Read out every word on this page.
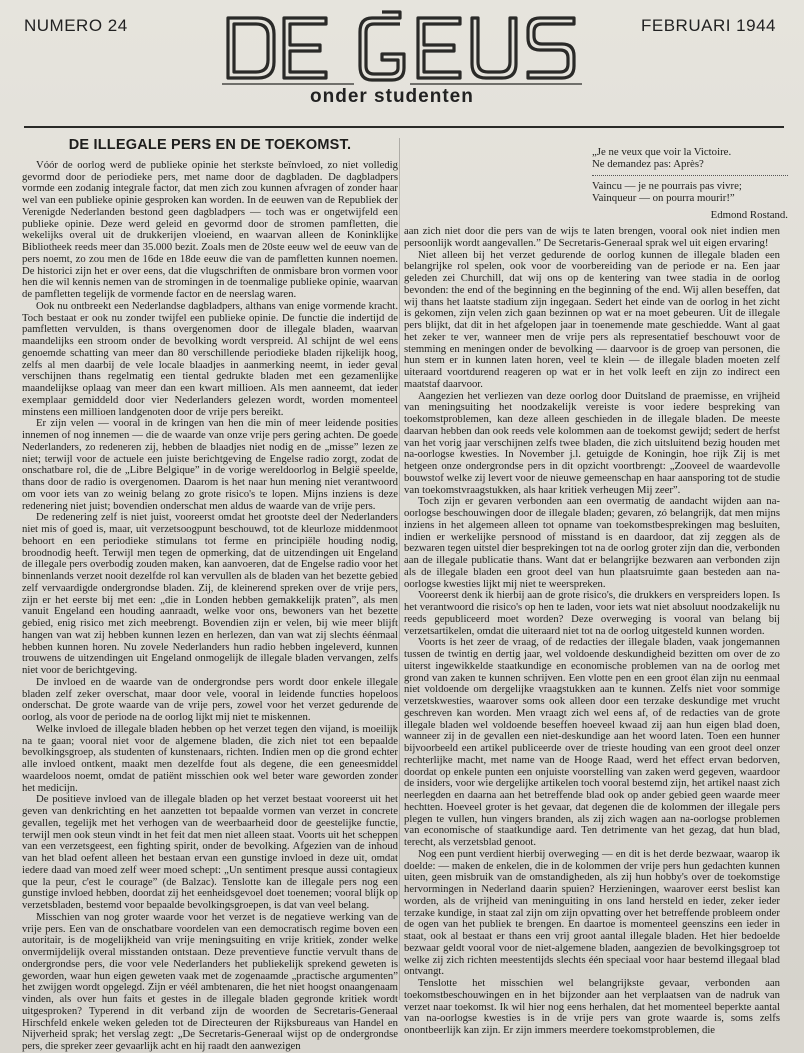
NUMERO 24
onder studenten
FEBRUARI 1944
DE ILLEGALE PERS EN DE TOEKOMST.

Vóór de oorlog werd de publieke opinie het sterkste beïnvloed, zo niet volledig gevormd door de periodieke pers, met name door de dagbladen. De dagbladpers vormde een zodanig integrale factor, dat men zich zou kunnen afvragen of zonder haar wel van een publieke opinie gesproken kan worden. In de eeuwen van de Republiek der Verenigde Nederlanden bestond geen dagbladpers — toch was er ongetwijfeld een publieke opinie. Deze werd geleid en gevormd door de stromen pamfletten, die wekelijks overal uit de drukkerijen vloeiend, en waarvan alleen de Koninklijke Bibliotheek reeds meer dan 35.000 bezit. Zoals men de 20ste eeuw wel de eeuw van de pers noemt, zo zou men de 16de en 18de eeuw die van de pamfletten kunnen noemen. De historici zijn het er over eens, dat die vlugschriften de onmisbare bron vormen voor hen die wil kennis nemen van de stromingen in de toenmalige publieke opinie, waarvan de pamfletten tegelijk de vormende factor en de neerslag waren.

Ook nu ontbreekt een Nederlandse dagbladpers, althans van enige vormende kracht. Toch bestaat er ook nu zonder twijfel een publieke opinie. De functie die indertijd de pamfletten vervulden, is thans overgenomen door de illegale bladen, waarvan maandelijks een stroom onder de bevolking wordt verspreid. Al schijnt de wel eens genoemde schatting van meer dan 80 verschillende periodieke bladen rijkelijk hoog, zelfs al men daarbij de vele locale blaadjes in aanmerking neemt, in ieder geval verschijnen thans regelmatig een tiental gedrukte bladen met een gezamenlijke maandelijkse oplaag van meer dan een kwart millioen. Als men aanneemt, dat ieder exemplaar gemiddeld door vier Nederlanders gelezen wordt, worden momenteel minstens een millioen landgenoten door de vrije pers bereikt.

Er zijn velen — vooral in de kringen van hen die min of meer leidende posities innemen of nog innemen — die de waarde van onze vrije pers gering achten. De goede Nederlanders, zo redeneren zij, hebben de blaadjes niet nodig en de „misse” lezen ze niet; terwijl voor de actuele een juiste berichtgeving de Engelse radio zorgt, zodat de onschatbare rol, die de „Libre Belgique” in de vorige wereldoorlog in België speelde, thans door de radio is overgenomen. Daarom is het naar hun mening niet verantwoord om voor iets van zo weinig belang zo grote risico's te lopen. Mijns inziens is deze redenering niet juist; bovendien onderschat men aldus de waarde van de vrije pers.

De redenering zelf is niet juist, vooreerst omdat het grootste deel der Nederlanders niet mis of goed is, maar, uit verzetsoogpunt beschouwd, tot de kleurloze middenmoot behoort en een periodieke stimulans tot ferme en principiële houding nodig, broodnodig heeft. Terwijl men tegen de opmerking, dat de uitzendingen uit Engeland de illegale pers overbodig zouden maken, kan aanvoeren, dat de Engelse radio voor het binnenlands verzet nooit dezelfde rol kan vervullen als de bladen van het bezette gebied zelf vervaardigde ondergrondse bladen. Zij, de kleinerend spreken over de vrije pers, zijn er het eerste bij met een: „die in Londen hebben gemakkelijk praten”, als men vanuit Engeland een houding aanraadt, welke voor ons, bewoners van het bezette gebied, enig risico met zich meebrengt. Bovendien zijn er velen, bij wie meer blijft hangen van wat zij hebben kunnen lezen en herlezen, dan van wat zij slechts éénmaal hebben kunnen horen. Nu zovele Nederlanders hun radio hebben ingeleverd, kunnen trouwens de uitzendingen uit Engeland onmogelijk de illegale bladen vervangen, zelfs niet voor de berichtgeving.

De invloed en de waarde van de ondergrondse pers wordt door enkele illegale bladen zelf zeker overschat, maar door vele, vooral in leidende functies hopeloos onderschat. De grote waarde van de vrije pers, zowel voor het verzet gedurende de oorlog, als voor de periode na de oorlog lijkt mij niet te miskennen.

Welke invloed de illegale bladen hebben op het verzet tegen den vijand, is moeilijk na te gaan; vooral niet voor de algemene bladen, die zich niet tot een bepaalde bevolkingsgroep, als studenten of kunstenaars, richten. Indien men op die grond echter alle invloed ontkent, maakt men dezelfde fout als degene, die een geneesmiddel waardeloos noemt, omdat de patiënt misschien ook wel beter ware geworden zonder het medicijn.

De positieve invloed van de illegale bladen op het verzet bestaat vooreerst uit het geven van denkrichting en het aanzetten tot bepaalde vormen van verzet in concrete gevallen, tegelijk met het verhogen van de weerbaarheid door de geestelijke functie, terwijl men ook steun vindt in het feit dat men niet alleen staat. Voorts uit het scheppen van een verzetsgeest, een fighting spirit, onder de bevolking. Afgezien van de inhoud van het blad oefent alleen het bestaan ervan een gunstige invloed in deze uit, omdat iedere daad van moed zelf weer moed schept: „Un sentiment presque aussi contagieux que la peur, c'est le courage” (de Balzac). Tenslotte kan de illegale pers nog een gunstige invloed hebben, doordat zij het eenheidsgevoel doet toenemen; vooral blijk op verzetsbladen, bestemd voor bepaalde bevolkingsgroepen, is dat van veel belang.

Misschien van nog groter waarde voor het verzet is de negatieve werking van de vrije pers. Een van de onschatbare voordelen van een democratisch regime boven een autoritair, is de mogelijkheid van vrije meningsuiting en vrije kritiek, zonder welke onvermijdelijk overal misstanden ontstaan. Deze preventieve functie vervult thans de ondergrondse pers, die voor vele Nederlanders het publiekelijk sprekend geweten is geworden, waar hun eigen geweten vaak met de zogenaamde „practische argumenten” het zwijgen wordt opgelegd. Zijn er véél ambtenaren, die het niet hoogst onaangenaam vinden, als over hun faits et gestes in de illegale bladen gegronde kritiek wordt uitgesproken? Typerend in dit verband zijn de woorden de Secretaris-Generaal Hirschfeld enkele weken geleden tot de Directeuren der Rijksbureaus van Handel en Nijverheid sprak; het verslag zegt: „De Secretaris-Generaal wijst op de ondergrondse pers, die spreker zeer gevaarlijk acht en hij raadt den aanwezigen

„Je ne veux que voir la Victoire.
Ne demandez pas: Après?
Vaincu — je ne pourrais pas vivre;
Vainqueur — on pourra mourir!”
Edmond Rostand.

aan zich niet door die pers van de wijs te laten brengen, vooral ook niet indien men persoonlijk wordt aangevallen.” De Secretaris-Generaal sprak wel uit eigen ervaring!

Niet alleen bij het verzet gedurende de oorlog kunnen de illegale bladen een belangrijke rol spelen, ook voor de voorbereiding van de periode er na. Een jaar geleden zei Churchill, dat wij ons op de kentering van twee stadia in de oorlog bevonden: the end of the beginning en the beginning of the end. Wij allen beseffen, dat wij thans het laatste stadium zijn ingegaan. Sedert het einde van de oorlog in het zicht is gekomen, zijn velen zich gaan bezinnen op wat er na moet gebeuren. Uit de illegale pers blijkt, dat dit in het afgelopen jaar in toenemende mate geschiedde. Want al gaat het zeker te ver, wanneer men de vrije pers als representatief beschouwt voor de stemming en meningen onder de bevolking — daarvoor is de groep van personen, die hun stem er in kunnen laten horen, veel te klein — de illegale bladen moeten zelf uiteraard voortdurend reageren op wat er in het volk leeft en zijn zo indirect een maatstaf daarvoor.

Aangezien het verliezen van deze oorlog door Duitsland de praemisse, en vrijheid van meningsuiting het noodzakelijk vereiste is voor iedere bespreking van toekomstproblemen, kan deze alleen geschieden in de illegale bladen. De meeste daarvan hebben dan ook reeds vele kolommen aan de toekomst gewijd; sedert de herfst van het vorig jaar verschijnen zelfs twee bladen, die zich uitsluitend bezig houden met na-oorlogse kwesties. In November j.l. getuigde de Koningin, hoe rijk Zij is met hetgeen onze ondergrondse pers in dit opzicht voortbrengt: „Zooveel de waardevolle bouwstof welke zij levert voor de nieuwe gemeenschap en haar aansporing tot de studie van toekomstvraagstukken, als haar kritiek verheugen Mij zeer”.

Toch zijn er gevaren verbonden aan een overmatig de aandacht wijden aan na-oorlogse beschouwingen door de illegale bladen; gevaren, zó belangrijk, dat men mijns inziens in het algemeen alleen tot opname van toekomstbesprekingen mag besluiten, indien er werkelijke persnood of misstand is en daardoor, dat zij zeggen als de bezwaren tegen uitstel dier besprekingen tot na de oorlog groter zijn dan die, verbonden aan de illegale publicatie thans. Want dat er belangrijke bezwaren aan verbonden zijn als de illegale bladen een groot deel van hun plaatsruimte gaan besteden aan na-oorlogse kwesties lijkt mij niet te weerspreken.

Vooreerst denk ik hierbij aan de grote risico's, die drukkers en verspreiders lopen. Is het verantwoord die risico's op hen te laden, voor iets wat niet absoluut noodzakelijk nu reeds gepubliceerd moet worden? Deze overweging is vooral van belang bij verzetsartikelen, omdat die uiteraard niet tot na de oorlog uitgesteld kunnen worden.

Voorts is het zeer de vraag, of de redacties der illegale bladen, vaak jongemannen tussen de twintig en dertig jaar, wel voldoende deskundigheid bezitten om over de zo uiterst ingewikkelde staatkundige en economische problemen van na de oorlog met grond van zaken te kunnen schrijven. Een vlotte pen en een groot élan zijn nu eenmaal niet voldoende om dergelijke vraagstukken aan te kunnen. Zelfs niet voor sommige verzetskwesties, waarover soms ook alleen door een terzake deskundige met vrucht geschreven kan worden. Men vraagt zich wel eens af, of de redacties van de grote illegale bladen wel voldoende beseffen hoeveel kwaad zij aan hun eigen blad doen, wanneer zij in de gevallen een niet-deskundige aan het woord laten. Toen een hunner bijvoorbeeld een artikel publiceerde over de trieste houding van een groot deel onzer rechterlijke macht, met name van de Hooge Raad, werd het effect ervan bedorven, doordat op enkele punten een onjuiste voorstelling van zaken werd gegeven, waardoor de insiders, voor wie dergelijke artikelen toch vooral bestemd zijn, het artikel naast zich neerlegden en daarna aan het betreffende blad ook op ander gebied geen waarde meer hechtten. Hoeveel groter is het gevaar, dat degenen die de kolommen der illegale pers plegen te vullen, hun vingers branden, als zij zich wagen aan na-oorlogse problemen van economische of staatkundige aard. Ten detrimente van het gezag, dat hun blad, terecht, als verzetsblad genoot.

Nog een punt verdient hierbij overweging — en dit is het derde bezwaar, waarop ik doelde: — maken de enkelen, die in de kolommen der vrije pers hun gedachten kunnen uiten, geen misbruik van de omstandigheden, als zij hun hobby's over de toekomstige hervormingen in Nederland daarin spuien? Herzieningen, waarover eerst beslist kan worden, als de vrijheid van meninguiting in ons land hersteld en ieder, zeker ieder terzake kundige, in staat zal zijn om zijn opvatting over het betreffende probleem onder de ogen van het publiek te brengen. En daartoe is momenteel geenszins een ieder in staat, ook al bestaat er thans een vrij groot aantal illegale bladen. Het hier bedoelde bezwaar geldt vooral voor de niet-algemene bladen, aangezien de bevolkingsgroep tot welke zij zich richten meestentijds slechts één speciaal voor haar bestemd illegaal blad ontvangt.

Tenslotte het misschien wel belangrijkste gevaar, verbonden aan toekomstbeschouwingen en in het bijzonder aan het verplaatsen van de nadruk van verzet naar toekomst. Ik wil hier nog eens herhalen, dat het momenteel beperkte aantal van na-oorlogse kwesties is in de vrije pers van grote waarde is, soms zelfs onontbeerlijk kan zijn. Er zijn immers meerdere toekomstproblemen, die
